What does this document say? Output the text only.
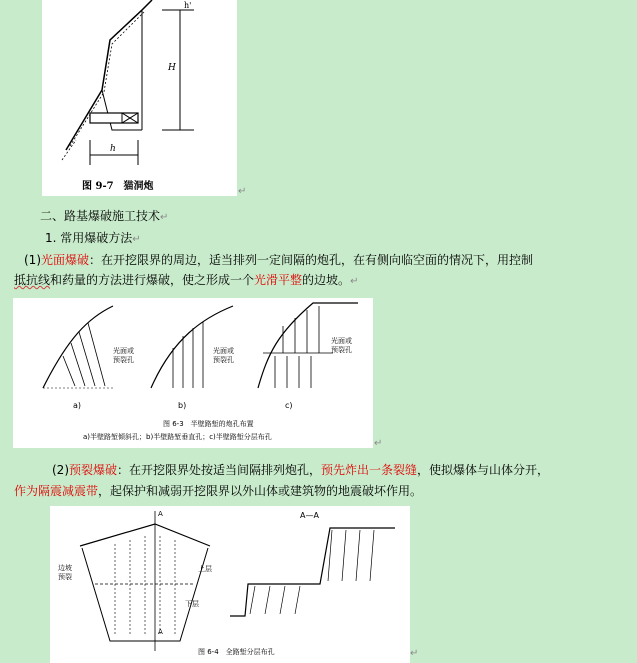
h'
H
h
图 9-7　猫洞炮	↵
二、路基爆破施工技术↵
1. 常用爆破方法↵
(1)光面爆破：在开挖限界的周边，适当排列一定间隔的炮孔，在有侧向临空面的情况下，用控制
抵抗线和药量的方法进行爆破，使之形成一个光滑平整的边坡。↵
光面或预裂孔
a)
光面或预裂孔
b)
光面或预裂孔
c)
图 6-3　半壁路堑的炮孔布置
a)半壁路堑倾斜孔；b)半壁路堑垂直孔；c)半壁路堑分层布孔
↵
(2)预裂爆破：在开挖限界处按适当间隔排列炮孔，预先炸出一条裂缝，使拟爆体与山体分开，
作为隔震减震带，起保护和减弱开挖限界以外山体或建筑物的地震破坏作用。
A
A
边坡预裂
上层
下层
A—A
图 6-4　全路堑分层布孔	↵
